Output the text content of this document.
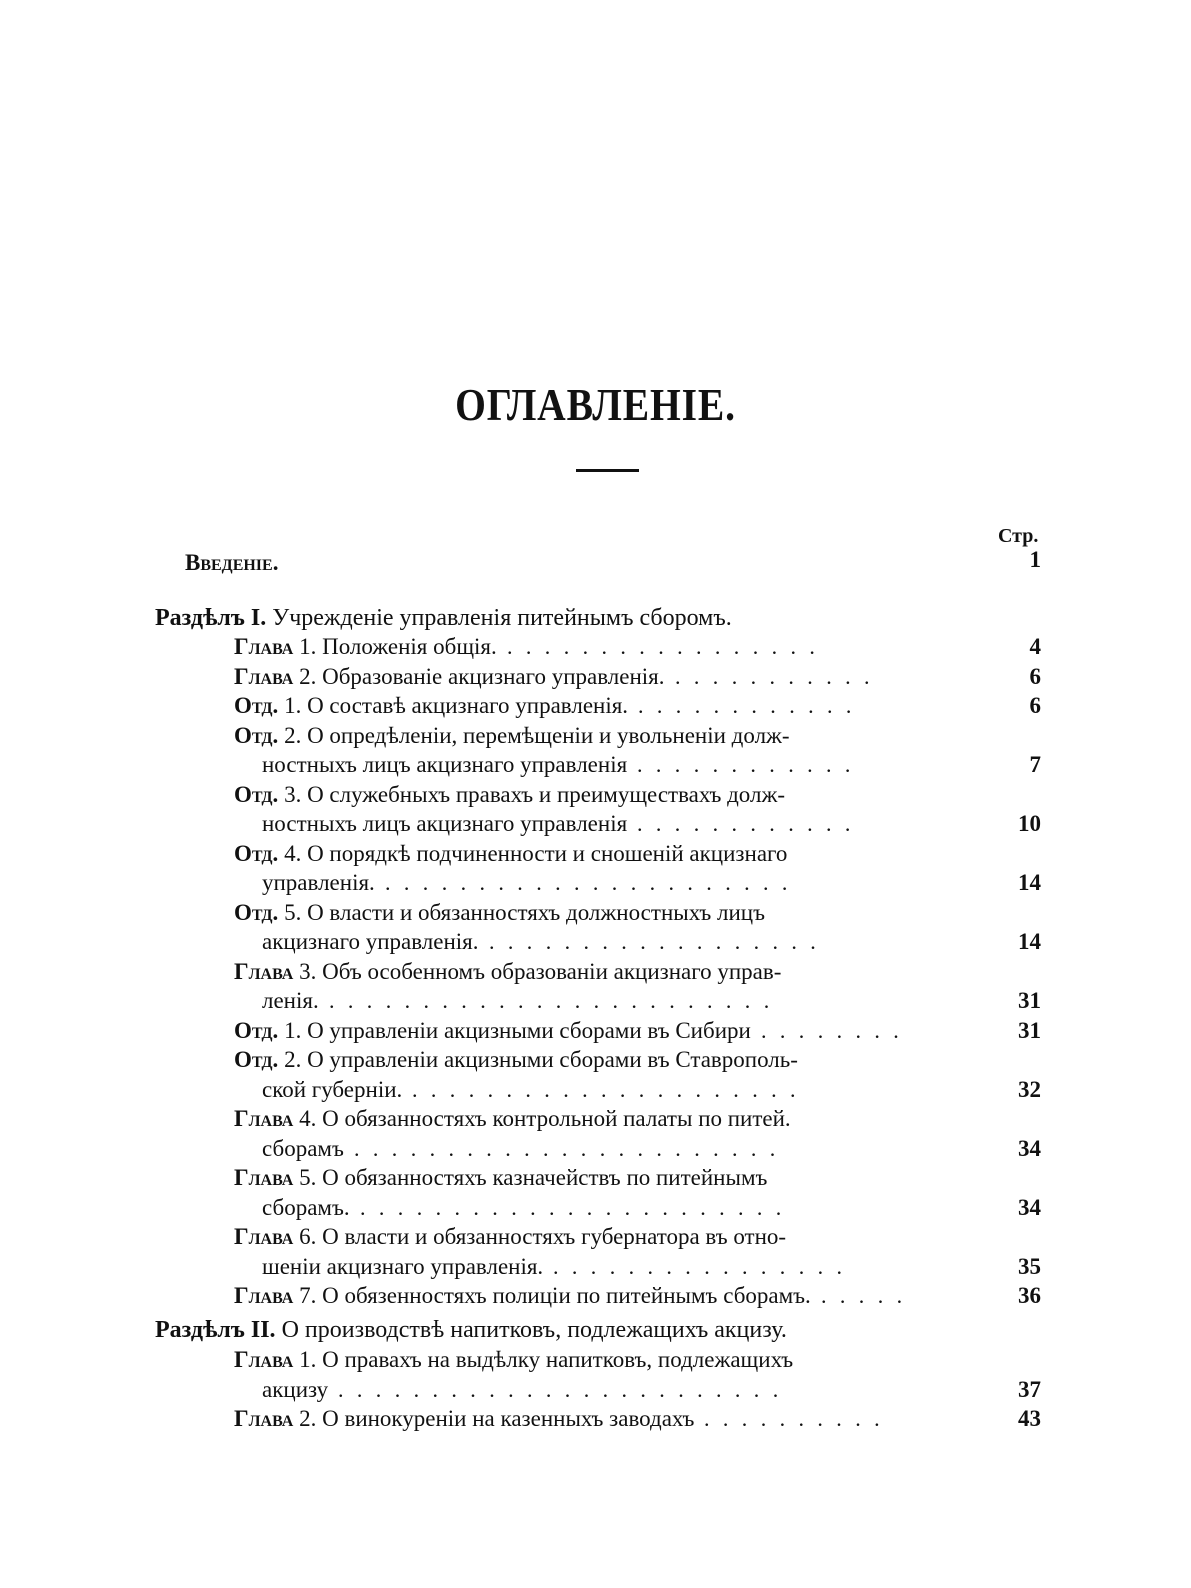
ОГЛАВЛЕНІЕ.
Стр.
Введеніе.	1
Раздѣлъ I. Учрежденіе управленія питейнымъ сборомъ.
Глава 1. Положенія общія. .................	4
Глава 2. Образованіе акцизнаго управленія. ...........	6
Отд. 1. О составѣ акцизнаго управленія. ............	6
Отд. 2. О опредѣленіи, перемѣщеніи и увольненіи долж-
ностныхъ лицъ акцизнаго управленія ............	7
Отд. 3. О служебныхъ правахъ и преимуществахъ долж-
ностныхъ лицъ акцизнаго управленія ............	10
Отд. 4. О порядкѣ подчиненности и сношеній акцизнаго
управленія. ......................	14
Отд. 5. О власти и обязанностяхъ должностныхъ лицъ
акцизнаго управленія. ..................	14
Глава 3. Объ особенномъ образованіи акцизнаго управ-
ленія. ........................	31
Отд. 1. О управленіи акцизными сборами въ Сибири ........	31
Отд. 2. О управленіи акцизными сборами въ Ставрополь-
ской губерніи. .....................	32
Глава 4. О обязанностяхъ контрольной палаты по питей.
сборамъ .......................	34
Глава 5. О обязанностяхъ казначействъ по питейнымъ
сборамъ. .......................	34
Глава 6. О власти и обязанностяхъ губернатора въ отно-
шеніи акцизнаго управленія. ................	35
Глава 7. О обязенностяхъ полиціи по питейнымъ сборамъ. .....	36
Раздѣлъ II. О производствѣ напитковъ, подлежащихъ акцизу.
Глава 1. О правахъ на выдѣлку напитковъ, подлежащихъ
акцизу ........................	37
Глава 2. О винокуреніи на казенныхъ заводахъ ..........	43
